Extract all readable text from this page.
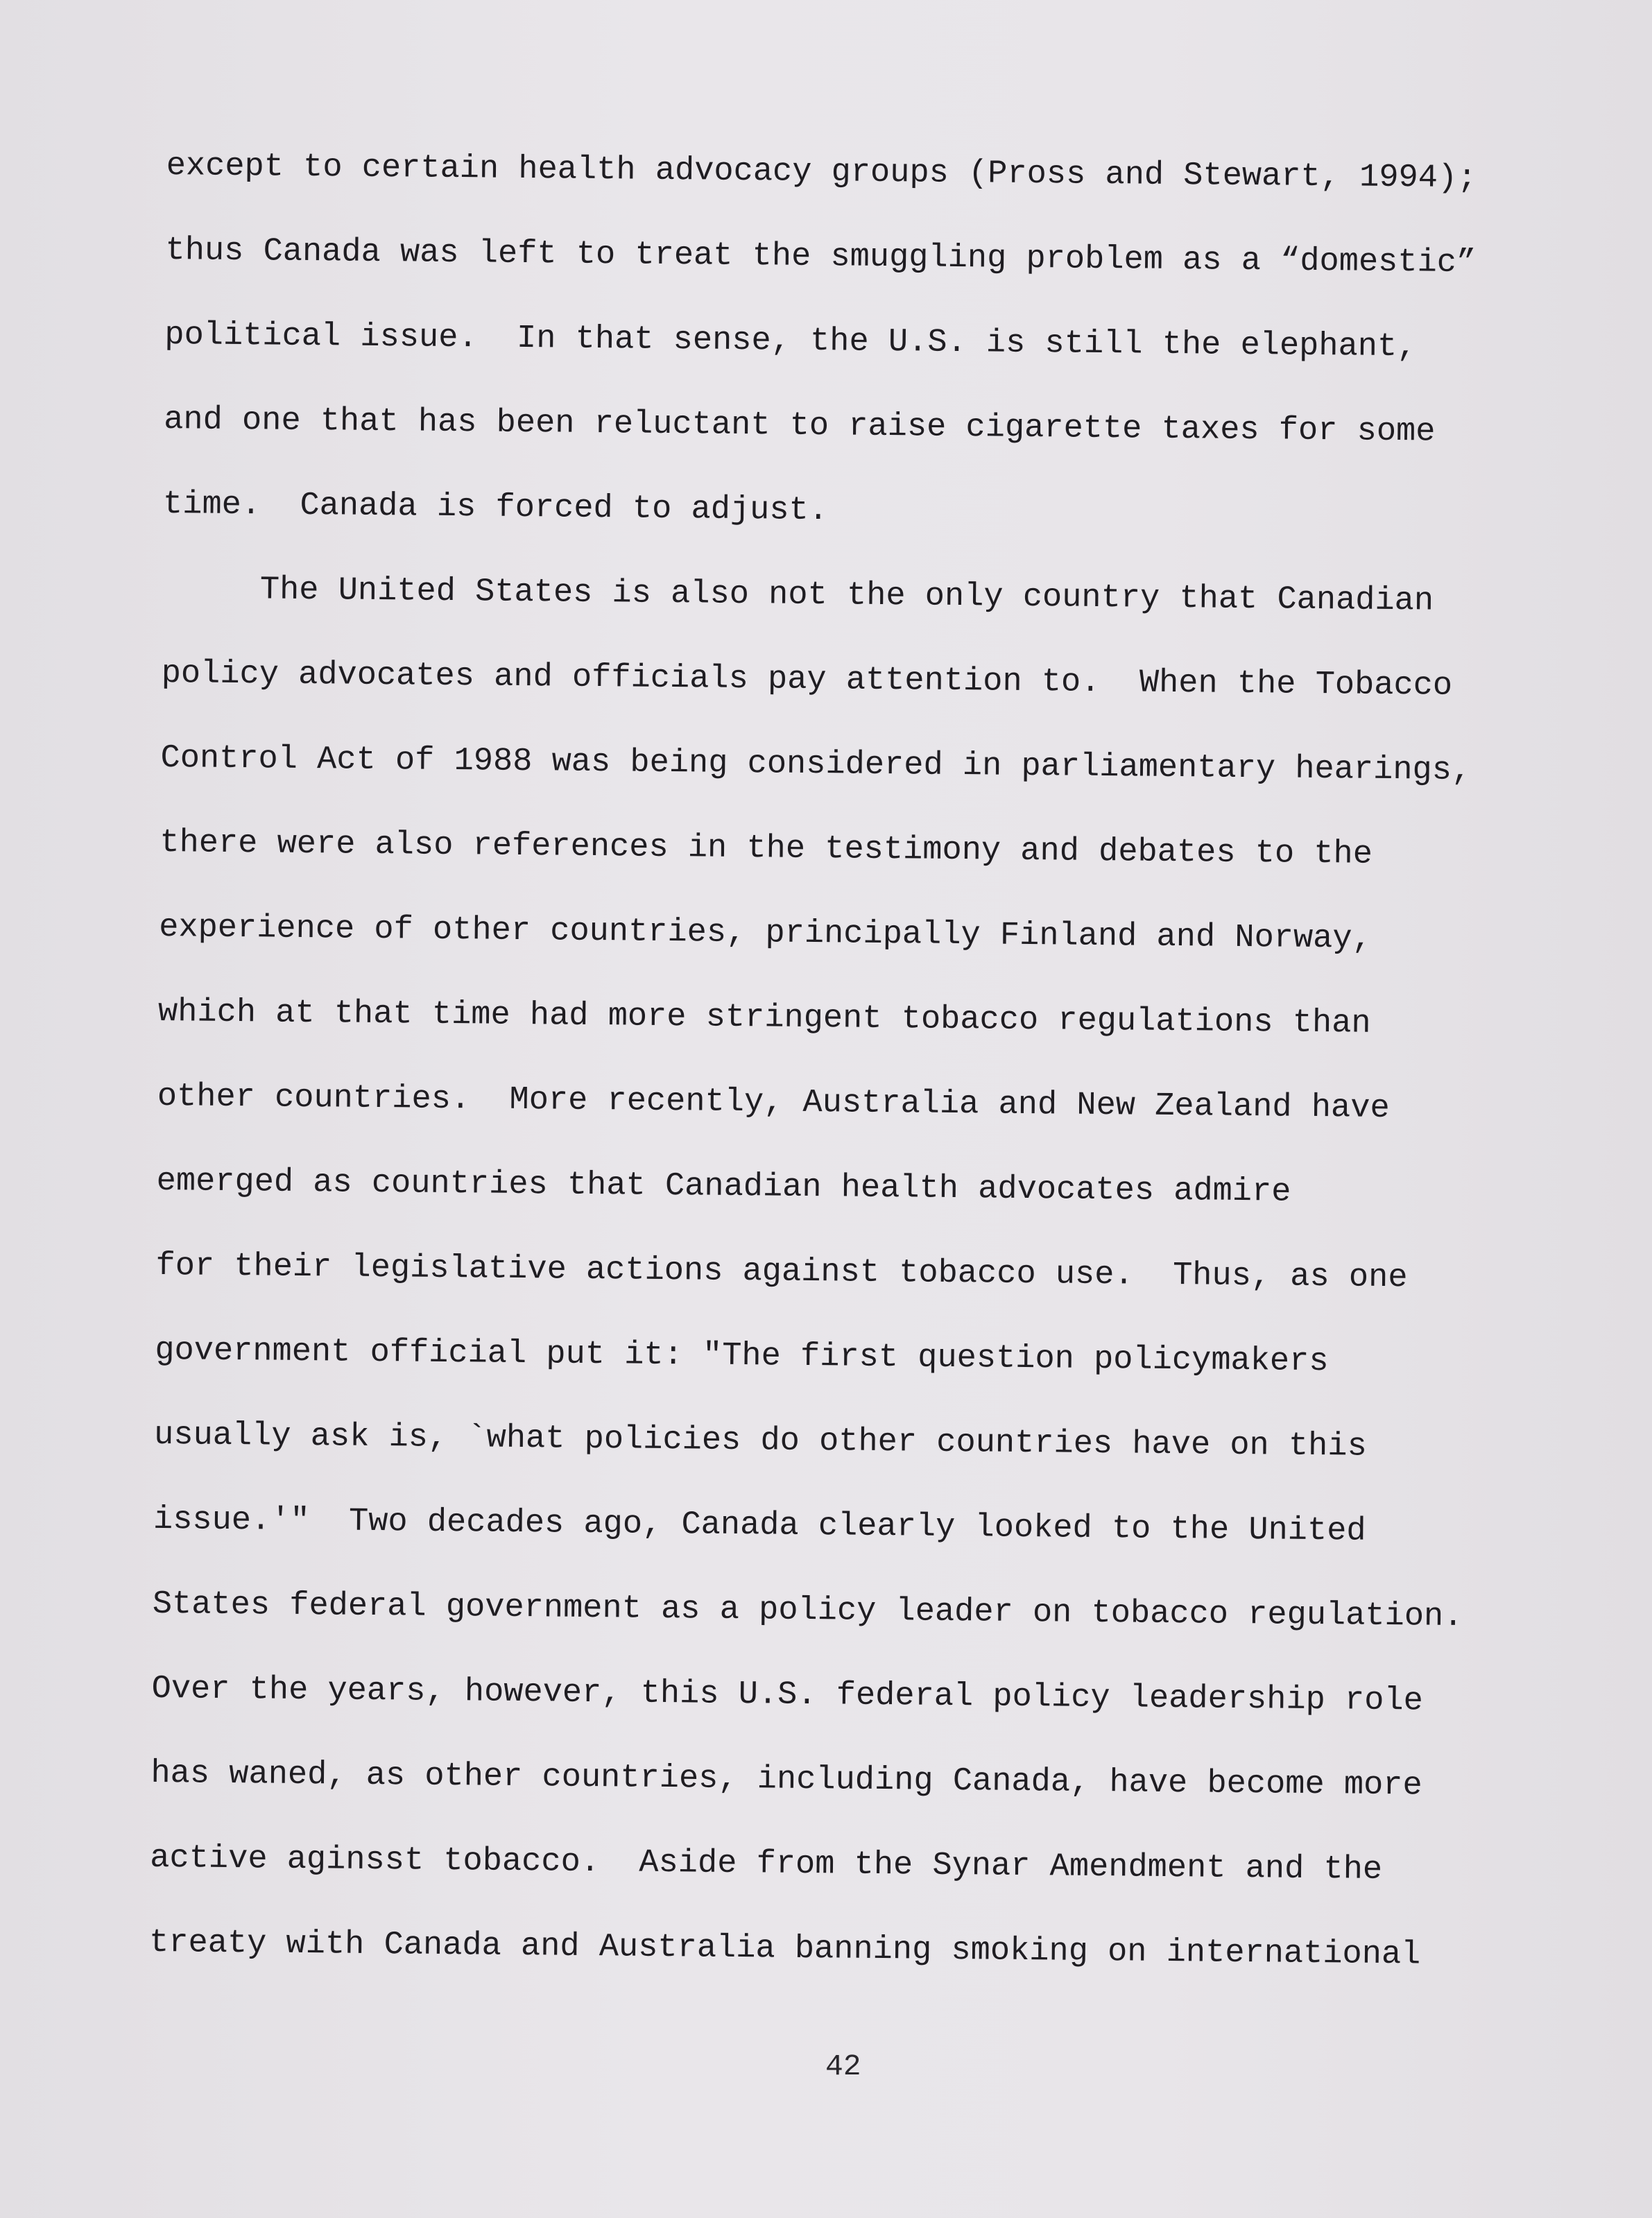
except to certain health advocacy groups (Pross and Stewart, 1994);
thus Canada was left to treat the smuggling problem as a “domestic”
political issue.  In that sense, the U.S. is still the elephant,
and one that has been reluctant to raise cigarette taxes for some
time.  Canada is forced to adjust.
The United States is also not the only country that Canadian
policy advocates and officials pay attention to.  When the Tobacco
Control Act of 1988 was being considered in parliamentary hearings,
there were also references in the testimony and debates to the
experience of other countries, principally Finland and Norway,
which at that time had more stringent tobacco regulations than
other countries.  More recently, Australia and New Zealand have
emerged as countries that Canadian health advocates admire
for their legislative actions against tobacco use.  Thus, as one
government official put it: "The first question policymakers
usually ask is, `what policies do other countries have on this
issue.'"  Two decades ago, Canada clearly looked to the United
States federal government as a policy leader on tobacco regulation.
Over the years, however, this U.S. federal policy leadership role
has waned, as other countries, including Canada, have become more
active aginsst tobacco.  Aside from the Synar Amendment and the
treaty with Canada and Australia banning smoking on international
42
